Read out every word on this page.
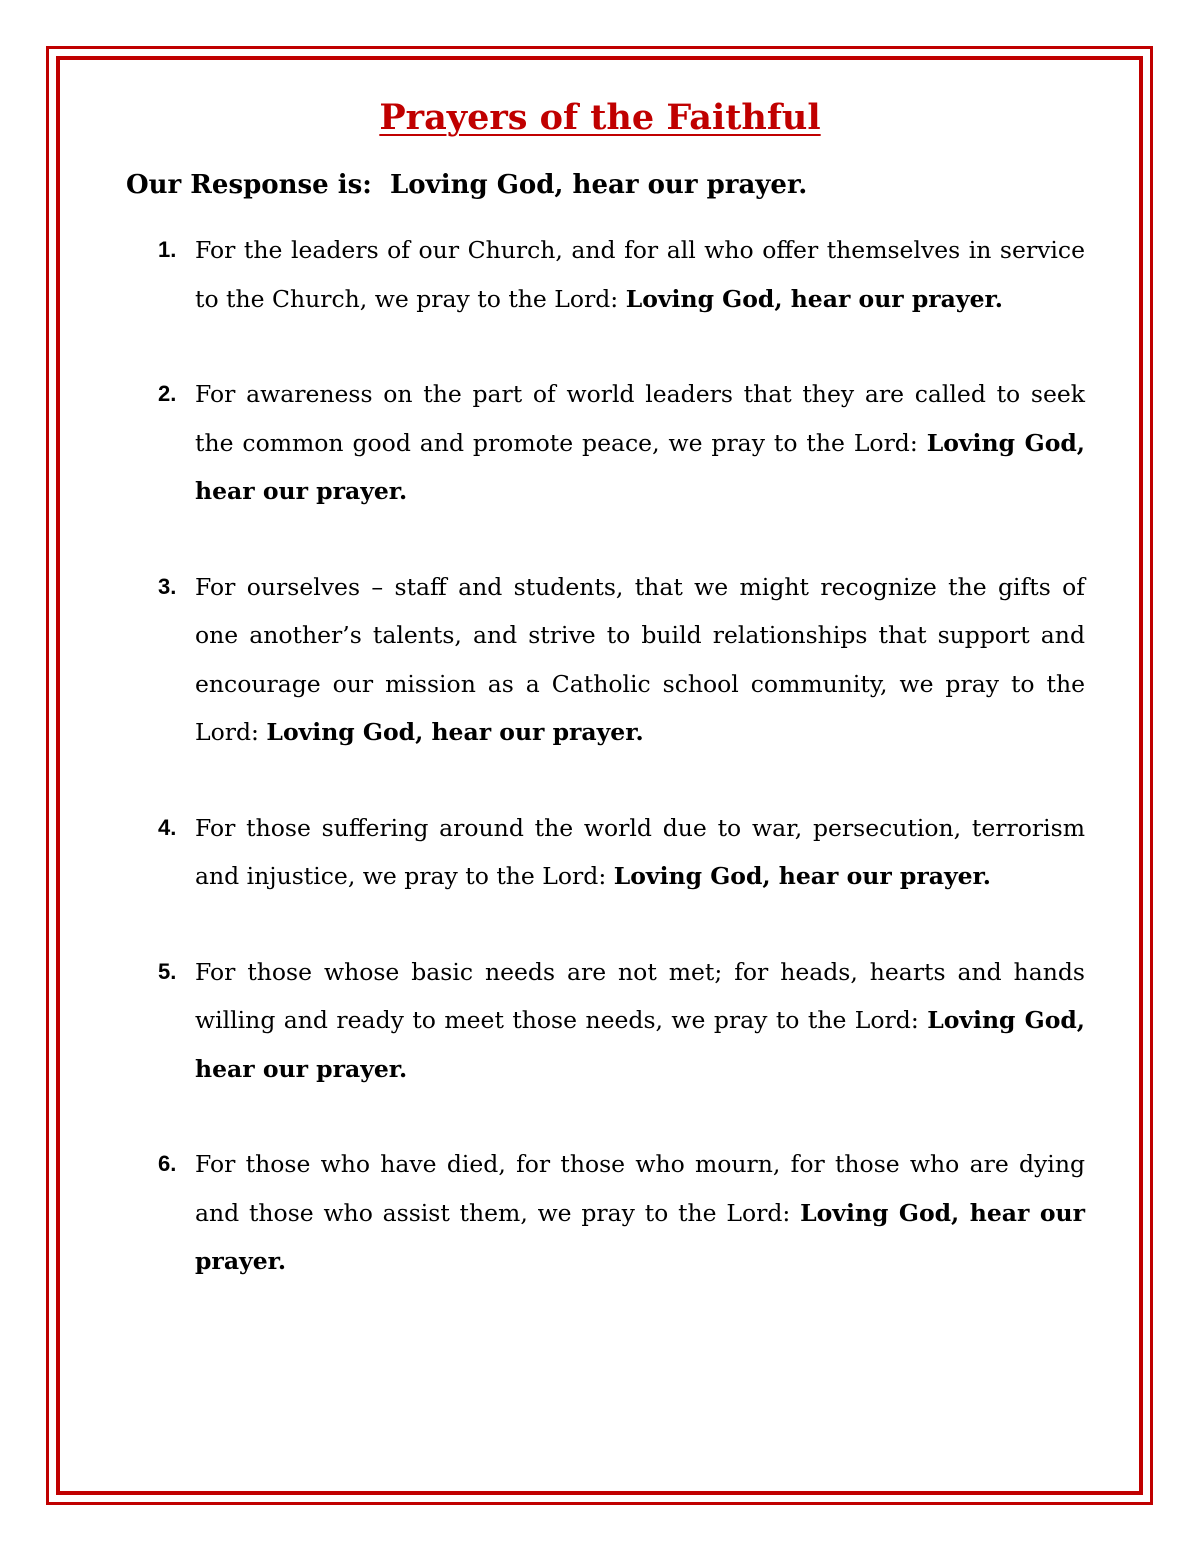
Prayers of the Faithful

Our Response is: Loving God, hear our prayer.

1. For the leaders of our Church, and for all who offer themselves in service to the Church, we pray to the Lord: Loving God, hear our prayer.
2. For awareness on the part of world leaders that they are called to seek the common good and promote peace, we pray to the Lord: Loving God, hear our prayer.
3. For ourselves – staff and students, that we might recognize the gifts of one another’s talents, and strive to build relationships that support and encourage our mission as a Catholic school community, we pray to the Lord: Loving God, hear our prayer.
4. For those suffering around the world due to war, persecution, terrorism and injustice, we pray to the Lord: Loving God, hear our prayer.
5. For those whose basic needs are not met; for heads, hearts and hands willing and ready to meet those needs, we pray to the Lord: Loving God, hear our prayer.
6. For those who have died, for those who mourn, for those who are dying and those who assist them, we pray to the Lord: Loving God, hear our prayer.
